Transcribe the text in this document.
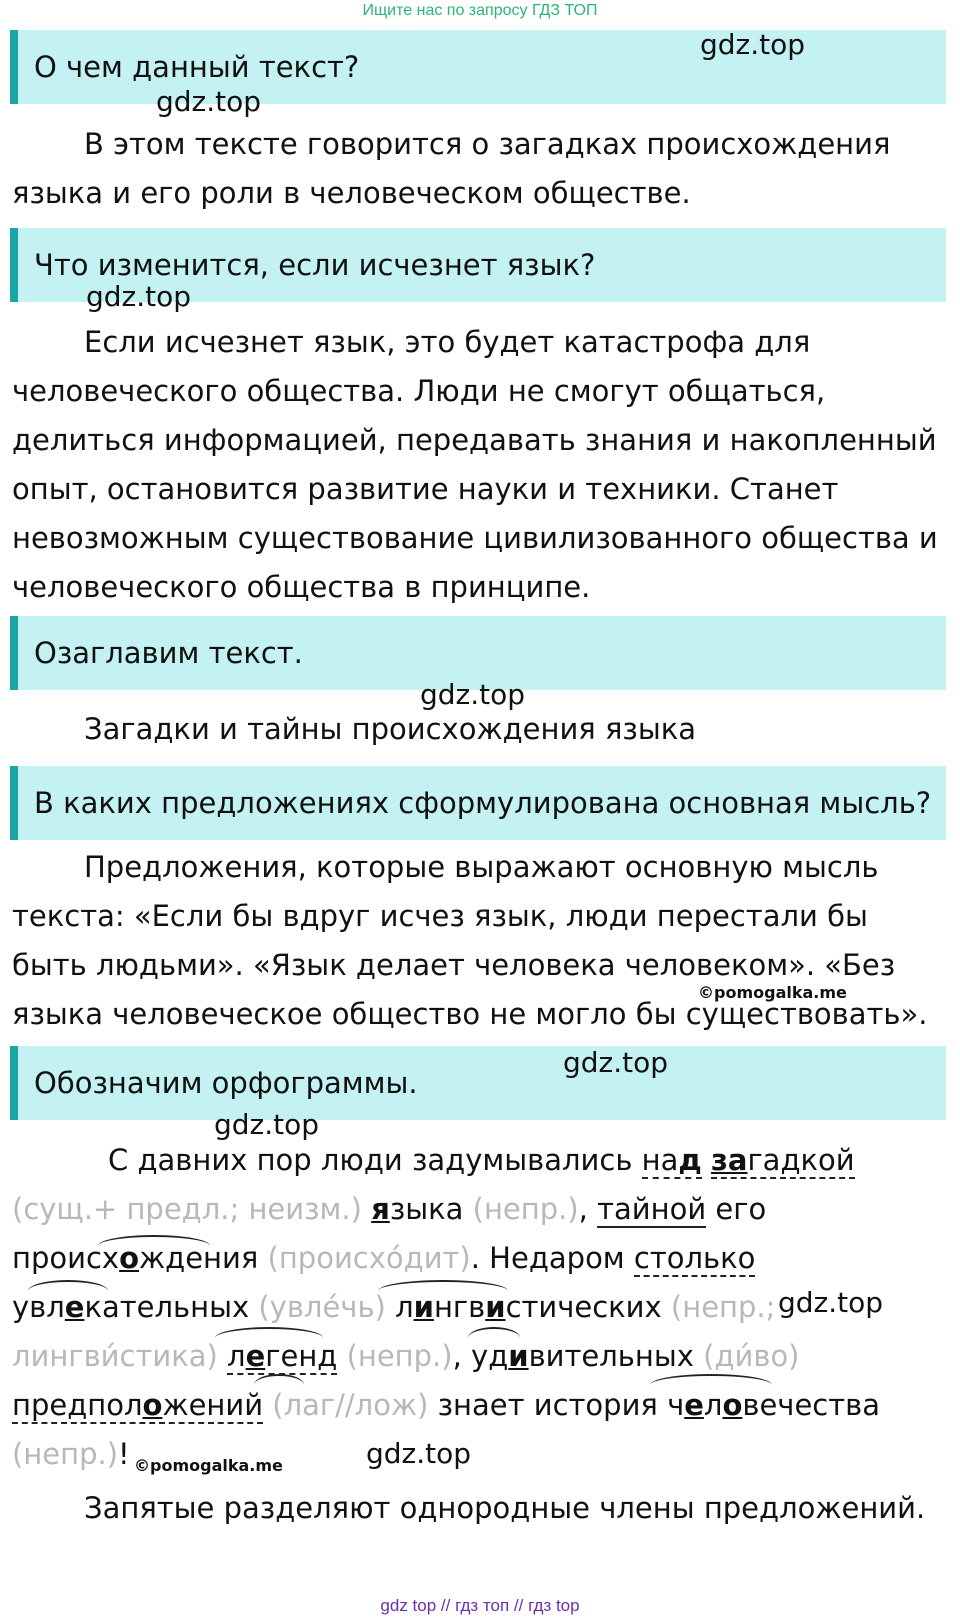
Ищите нас по запросу ГДЗ ТОП
О чем данный текст?
gdz.top
gdz.top
В этом тексте говорится о загадках происхождения языка и его роли в человеческом обществе.
Что изменится, если исчезнет язык?
gdz.top
Если исчезнет язык, это будет катастрофа для человеческого общества. Люди не смогут общаться, делиться информацией, передавать знания и накопленный опыт, остановится развитие науки и техники. Станет невозможным существование цивилизованного общества и человеческого общества в принципе.
Озаглавим текст.
gdz.top
Загадки и тайны происхождения языка
В каких предложениях сформулирована основная мысль?
Предложения, которые выражают основную мысль текста: «Если бы вдруг исчез язык, люди перестали бы быть людьми». «Язык делает человека человеком». «Без языка человеческое общество не могло бы существовать».
©pomogalka.me
Обозначим орфограммы.
gdz.top
gdz.top
С давних пор люди задумывались над загадкой
(сущ.+ предл.; неизм.) языка (непр.), тайной его
происхождения (происхо́дит). Недаром столько
увлекательных (увле́чь) лингвистических (непр.;
лингви́стика) легенд (непр.), удивительных (ди́во)
предположений (лаг//лож) знает история человечества
(непр.)!
gdz.top
©pomogalka.me	gdz.top
Запятые разделяют однородные члены предложений.
gdz top // гдз топ // гдз top
